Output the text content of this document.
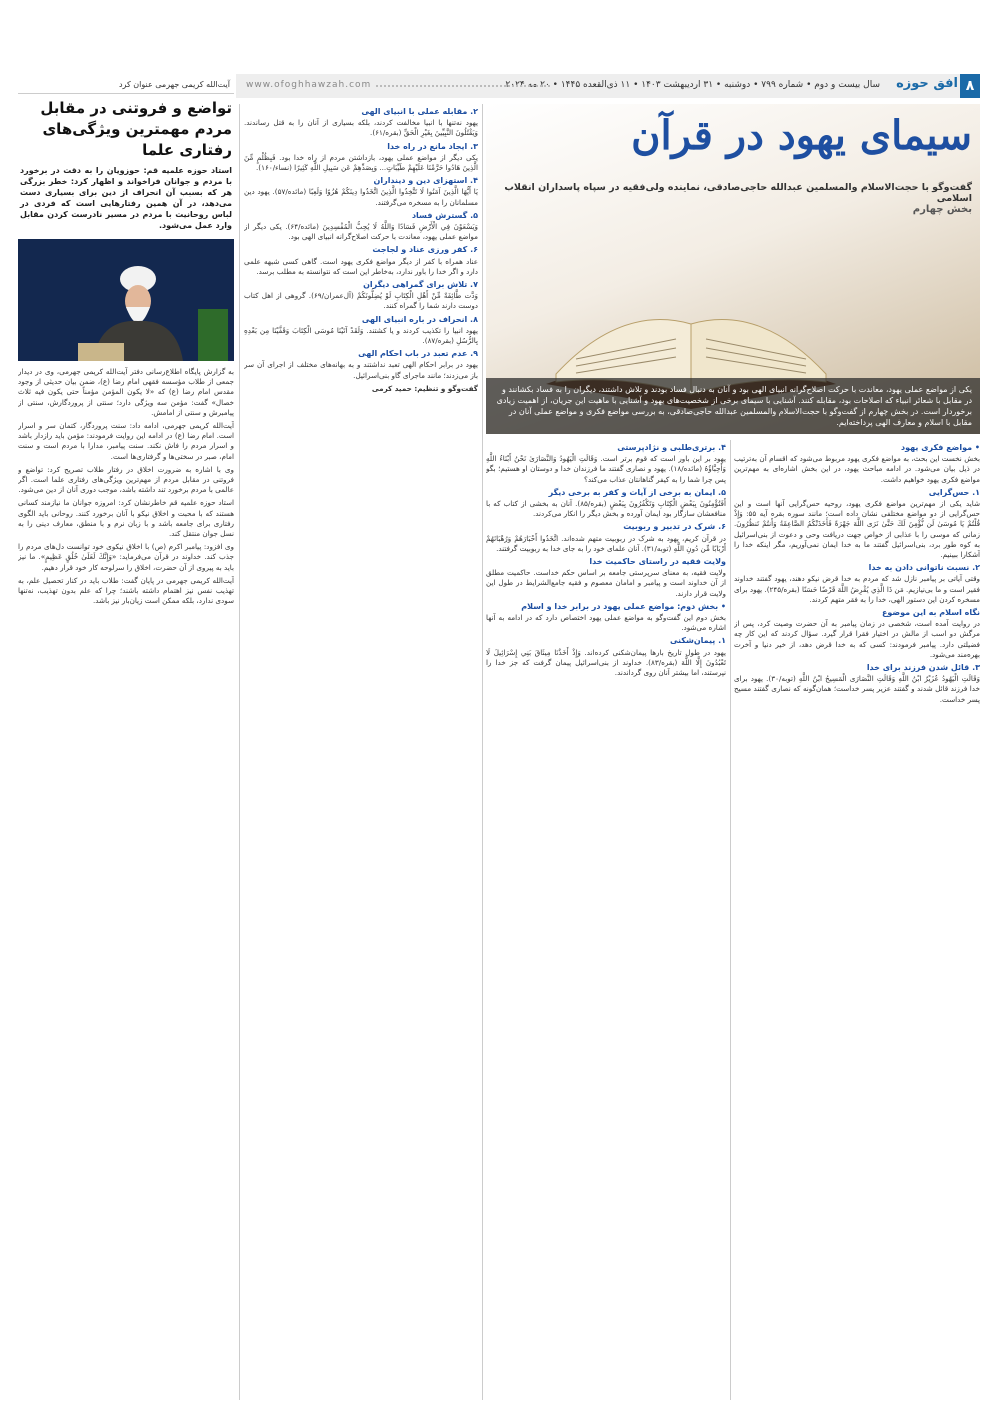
۸
افق حوزه
سال بیست و دوم • شماره ۷۹۹ • دوشنبه • ۳۱ اردیبهشت ۱۴۰۳ • ۱۱ ذی‌القعده ۱۴۴۵ • ۲۰ مه ۲۰۲۴
www.ofoghhawzah.com
سیمای یهود در قرآن
گفت‌وگو با حجت‌الاسلام والمسلمین عبدالله حاجی‌صادقی، نماینده ولی‌فقیه در سپاه پاسداران انقلاب اسلامی
بخش چهارم
یکی از مواضع عملی یهود، معاندت با حرکت اصلاح‌گرانه انبیای الهی بود و آنان به دنبال فساد بودند و تلاش داشتند، دیگران را به فساد بکشانند و در مقابل با شعائر انبیاء که اصلاحات بود، مقابله کنند. آشنایی با سیمای برخی از شخصیت‌های یهود و آشنایی با ماهیت این جریان، از اهمیت زیادی برخوردار است. در بخش چهارم از گفت‌وگو با حجت‌الاسلام والمسلمین عبدالله حاجی‌صادقی، به بررسی مواضع فکری و مواضع عملی آنان در مقابل با اسلام و معارف الهی پرداخته‌ایم.
• مواضع فکری یهود

بخش نخست این بحث، به مواضع فکری یهود مربوط می‌شود که اقسام آن به‌ترتیب در ذیل بیان می‌شود. در ادامه مباحث یهود، در این بخش اشاره‌ای به مهم‌ترین مواضع فکری یهود خواهیم داشت.

۱. حس‌گرایی

شاید یکی از مهم‌ترین مواضع فکری یهود، روحیه حس‌گرایی آنها است و این حس‌گرایی از دو مواضع مختلفی نشان داده است؛ مانند سوره بقره آیه ۵۵: وَإِذْ قُلْتُمْ يَا مُوسَىٰ لَن نُّؤْمِنَ لَكَ حَتَّىٰ نَرَى اللَّهَ جَهْرَةً فَأَخَذَتْكُمُ الصَّاعِقَةُ وَأَنتُمْ تَنظُرُونَ. زمانی که موسی را با عذابی از خواص جهت دریافت وحی و دعوت از بنی‌اسرائیل به کوه طور برد، بنی‌اسرائیل گفتند ما به خدا ایمان نمی‌آوریم، مگر اینکه خدا را آشکارا ببینیم.

۲. نسبت ناتوانی دادن به خدا

وقتی آیاتی بر پیامبر نازل شد که مردم به خدا قرض نیکو دهند، یهود گفتند خداوند فقیر است و ما بی‌نیازیم. مَن ذَا الَّذِي يُقْرِضُ اللَّهَ قَرْضًا حَسَنًا (بقره/۲۴۵). یهود برای مسخره کردن این دستور الهی، خدا را به فقر متهم کردند.

نگاه اسلام به این موضوع

در روایت آمده است، شخصی در زمان پیامبر به آن حضرت وصیت کرد، پس از مرگش دو اسب از مالش در اختیار فقرا قرار گیرد. سؤال کردند که این کار چه فضیلتی دارد. پیامبر فرمودند: کسی که به خدا قرض دهد، از خیر دنیا و آخرت بهره‌مند می‌شود.

۳. قائل شدن فرزند برای خدا

وَقَالَتِ الْيَهُودُ عُزَيْرٌ ابْنُ اللَّهِ وَقَالَتِ النَّصَارَى الْمَسِيحُ ابْنُ اللَّهِ (توبه/۳۰). یهود برای خدا فرزند قائل شدند و گفتند عزیر پسر خداست؛ همان‌گونه که نصاری گفتند مسیح پسر خداست.

۴. برتری‌طلبی و نژادپرستی

یهود بر این باور است که قوم برتر است. وَقَالَتِ الْيَهُودُ وَالنَّصَارَىٰ نَحْنُ أَبْنَاءُ اللَّهِ وَأَحِبَّاؤُهُ (مائده/۱۸). یهود و نصاری گفتند ما فرزندان خدا و دوستان او هستیم؛ بگو پس چرا شما را به کیفر گناهانتان عذاب می‌کند؟

۵. ایمان به برخی از آیات و کفر به برخی دیگر

أَفَتُؤْمِنُونَ بِبَعْضِ الْكِتَابِ وَتَكْفُرُونَ بِبَعْضٍ (بقره/۸۵). آنان به بخشی از کتاب که با منافعشان سازگار بود ایمان آورده و بخش دیگر را انکار می‌کردند.

۶. شرک در تدبیر و ربوبیت

در قرآن کریم، یهود به شرک در ربوبیت متهم شده‌اند. اتَّخَذُوا أَحْبَارَهُمْ وَرُهْبَانَهُمْ أَرْبَابًا مِّن دُونِ اللَّهِ (توبه/۳۱). آنان علمای خود را به جای خدا به ربوبیت گرفتند.

ولایت فقیه در راستای حاکمیت خدا

ولایت فقیه، به معنای سرپرستی جامعه بر اساس حکم خداست. حاکمیت مطلق از آن خداوند است و پیامبر و امامان معصوم و فقیه جامع‌الشرایط در طول این ولایت قرار دارند.

• بخش دوم: مواضع عملی یهود در برابر خدا و اسلام

بخش دوم این گفت‌وگو به مواضع عملی یهود اختصاص دارد که در ادامه به آنها اشاره می‌شود.

۱. پیمان‌شکنی

یهود در طول تاریخ بارها پیمان‌شکنی کرده‌اند. وَإِذْ أَخَذْنَا مِيثَاقَ بَنِي إِسْرَائِيلَ لَا تَعْبُدُونَ إِلَّا اللَّهَ (بقره/۸۳). خداوند از بنی‌اسرائیل پیمان گرفت که جز خدا را نپرستند، اما بیشتر آنان روی گرداندند.

۲. مقابله عملی با انبیای الهی

یهود نه‌تنها با انبیا مخالفت کردند، بلکه بسیاری از آنان را به قتل رساندند. وَيَقْتُلُونَ النَّبِيِّينَ بِغَيْرِ الْحَقِّ (بقره/۶۱).

۳. ایجاد مانع در راه خدا

یکی دیگر از مواضع عملی یهود، بازداشتن مردم از راه خدا بود. فَبِظُلْمٍ مِّنَ الَّذِينَ هَادُوا حَرَّمْنَا عَلَيْهِمْ طَيِّبَاتٍ... وَبِصَدِّهِمْ عَن سَبِيلِ اللَّهِ كَثِيرًا (نساء/۱۶۰).

۴. استهزای دین و دینداران

یَا أَيُّهَا الَّذِينَ آمَنُوا لَا تَتَّخِذُوا الَّذِينَ اتَّخَذُوا دِينَكُمْ هُزُوًا وَلَعِبًا (مائده/۵۷). یهود دین مسلمانان را به مسخره می‌گرفتند.

۵. گسترش فساد

وَيَسْعَوْنَ فِي الْأَرْضِ فَسَادًا وَاللَّهُ لَا يُحِبُّ الْمُفْسِدِينَ (مائده/۶۴). یکی دیگر از مواضع عملی یهود، معاندت با حرکت اصلاح‌گرانه انبیای الهی بود.

۶. کفر ورزی عناد و لجاجت

عناد همراه با کفر از دیگر مواضع فکری یهود است. گاهی کسی شبهه علمی دارد و اگر خدا را باور ندارد، به‌خاطر این است که نتوانسته به مطلب برسد.

۷. تلاش برای گمراهی دیگران

وَدَّت طَّائِفَةٌ مِّنْ أَهْلِ الْكِتَابِ لَوْ يُضِلُّونَكُمْ (آل‌عمران/۶۹). گروهی از اهل کتاب دوست دارند شما را گمراه کنند.

۸. انحراف در باره انبیای الهی

یهود انبیا را تکذیب کردند و یا کشتند. وَلَقَدْ آتَيْنَا مُوسَى الْكِتَابَ وَقَفَّيْنَا مِن بَعْدِهِ بِالرُّسُلِ (بقره/۸۷).

۹. عدم تعبد در باب احکام الهی

یهود در برابر احکام الهی تعبد نداشتند و به بهانه‌های مختلف از اجرای آن سر باز می‌زدند؛ مانند ماجرای گاو بنی‌اسرائیل.

گفت‌وگو و تنظیم: حمید کرمی

آیت‌الله کریمی جهرمی عنوان کرد
تواضع و فروتنی در مقابل مردم مهمترین ویژگی‌های رفتاری علما
استاد حوزه علمیه قم: حوزویان را به دقت در برخورد با مردم و جوانان فراخواند و اظهار کرد: خطر بزرگی هر که بسبب آن انحراف از دین برای بسیاری دست می‌دهد، در آن همین رفتارهایی است که فردی در لباس روحانیت با مردم در مسیر نادرست کردن مقابل وارد عمل می‌شود.

به گزارش پایگاه اطلاع‌رسانی دفتر آیت‌الله کریمی جهرمی، وی در دیدار جمعی از طلاب مؤسسه فقهی امام رضا (ع)، ضمن بیان حدیثی از وجود مقدس امام رضا (ع) که «لا یکون المؤمن مؤمناً حتی یکون فیه ثلاث خصال» گفت: مؤمن سه ویژگی دارد؛ سنتی از پروردگارش، سنتی از پیامبرش و سنتی از امامش.

آیت‌الله کریمی جهرمی، ادامه داد: سنت پروردگار، کتمان سر و اسرار است. امام رضا (ع) در ادامه این روایت فرمودند: مؤمن باید رازدار باشد و اسرار مردم را فاش نکند. سنت پیامبر، مدارا با مردم است و سنت امام، صبر در سختی‌ها و گرفتاری‌ها است.

وی با اشاره به ضرورت اخلاق در رفتار طلاب تصریح کرد: تواضع و فروتنی در مقابل مردم از مهم‌ترین ویژگی‌های رفتاری علما است. اگر عالمی با مردم برخورد تند داشته باشد، موجب دوری آنان از دین می‌شود.

استاد حوزه علمیه قم خاطرنشان کرد: امروزه جوانان ما نیازمند کسانی هستند که با محبت و اخلاق نیکو با آنان برخورد کنند. روحانی باید الگوی رفتاری برای جامعه باشد و با زبان نرم و با منطق، معارف دینی را به نسل جوان منتقل کند.

وی افزود: پیامبر اکرم (ص) با اخلاق نیکوی خود توانست دل‌های مردم را جذب کند. خداوند در قرآن می‌فرماید: «وَإِنَّكَ لَعَلَىٰ خُلُقٍ عَظِيمٍ». ما نیز باید به پیروی از آن حضرت، اخلاق را سرلوحه کار خود قرار دهیم.

آیت‌الله کریمی جهرمی در پایان گفت: طلاب باید در کنار تحصیل علم، به تهذیب نفس نیز اهتمام داشته باشند؛ چرا که علم بدون تهذیب، نه‌تنها سودی ندارد، بلکه ممکن است زیان‌بار نیز باشد.
